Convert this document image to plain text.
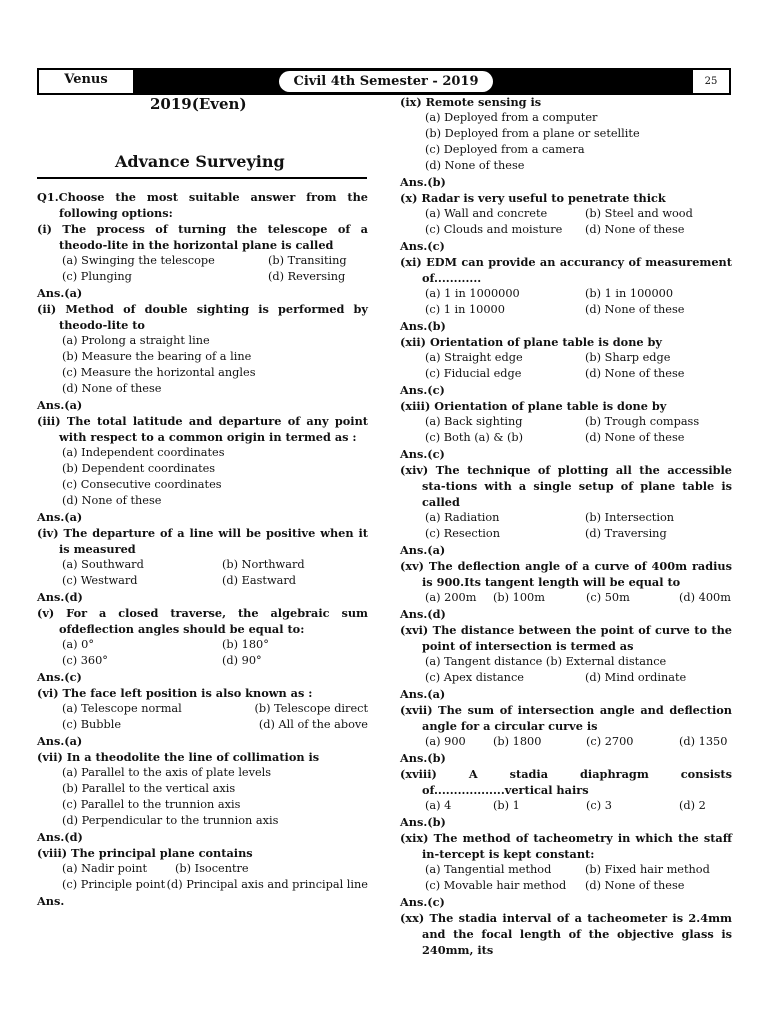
Venus	Civil 4th Semester - 2019	25
2019(Even)
Advance Surveying
Q1.Choose the most suitable answer from the following options:
(i) The process of turning the telescope of a theodo-lite in the horizontal plane is called
(a) Swinging the telescope	(b) Transiting
(c) Plunging	(d) Reversing
Ans.(a)
(ii) Method of double sighting is performed by theodo-lite to
(a) Prolong a straight line
(b) Measure the bearing of a line
(c) Measure the horizontal angles
(d) None of these
Ans.(a)
(iii) The total latitude and departure of any point with respect to a common origin in termed as :
(a) Independent coordinates
(b) Dependent coordinates
(c) Consecutive coordinates
(d) None of these
Ans.(a)
(iv) The departure of a line will be positive when it is measured
(a) Southward	(b) Northward
(c) Westward	(d) Eastward
Ans.(d)
(v) For a closed traverse, the algebraic sum ofdeflection angles should be equal to:
(a) 0°	(b) 180°
(c) 360°	(d) 90°
Ans.(c)
(vi) The face left position is also known as :
(a) Telescope normal	(b) Telescope direct
(c) Bubble	(d) All of the above
Ans.(a)
(vii) In a theodolite the line of collimation is
(a) Parallel to the axis of plate levels
(b) Parallel to the vertical axis
(c) Parallel to the trunnion axis
(d) Perpendicular to the trunnion axis
Ans.(d)
(viii) The principal plane contains
(a) Nadir point	(b) Isocentre
(c) Principle point (d) Principal axis and principal line
Ans.
(ix) Remote sensing is
(a) Deployed from a computer
(b) Deployed from a plane or setellite
(c) Deployed from a camera
(d) None of these
Ans.(b)
(x) Radar is very useful to penetrate thick
(a) Wall and concrete	(b) Steel and wood
(c) Clouds and moisture	(d) None of these
Ans.(c)
(xi) EDM can provide an accurancy of measurement of............
(a) 1 in 1000000	(b) 1 in 100000
(c) 1 in 10000	(d) None of these
Ans.(b)
(xii) Orientation of plane table is done by
(a) Straight edge	(b) Sharp edge
(c) Fiducial edge	(d) None of these
Ans.(c)
(xiii) Orientation of plane table is done by
(a) Back sighting	(b) Trough compass
(c) Both (a) & (b)	(d) None of these
Ans.(c)
(xiv) The technique of plotting all the accessible sta-tions with a single setup of plane table is called
(a) Radiation	(b) Intersection
(c) Resection	(d) Traversing
Ans.(a)
(xv) The deflection angle of a curve of 400m radius is 900.Its tangent length will be equal to
(a) 200m	(b) 100m	(c) 50m	(d) 400m
Ans.(d)
(xvi) The distance between the point of curve to the point of intersection is termed as
(a) Tangent distance (b) External distance
(c) Apex distance	(d) Mind ordinate
Ans.(a)
(xvii) The sum of intersection angle and deflection angle for a circular curve is
(a) 900	(b) 1800	(c) 2700	(d) 1350
Ans.(b)
(xviii) A stadia diaphragm consists of..................vertical hairs
(a) 4	(b) 1	(c) 3	(d) 2
Ans.(b)
(xix) The method of tacheometry in which the staff in-tercept is kept constant:
(a) Tangential method	(b) Fixed hair method
(c) Movable hair method	(d) None of these
Ans.(c)
(xx) The stadia interval of a tacheometer is 2.4mm and the focal length of the objective glass is 240mm, its
